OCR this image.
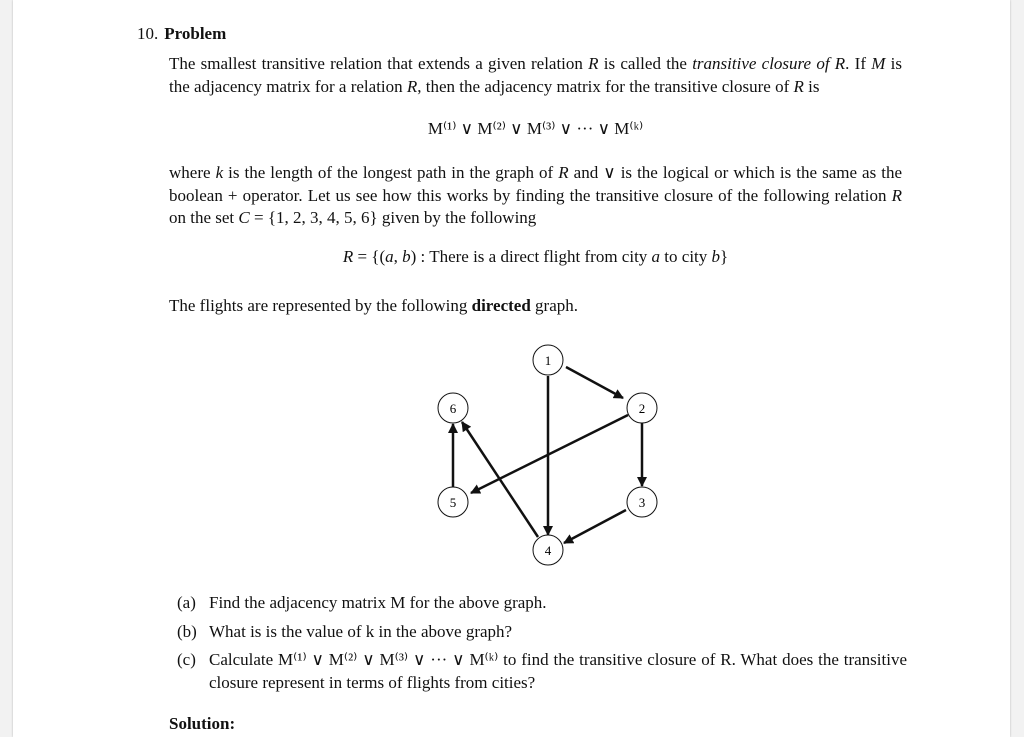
10. Problem
The smallest transitive relation that extends a given relation R is called the transitive closure of R. If M is the adjacency matrix for a relation R, then the adjacency matrix for the transitive closure of R is
M⁽¹⁾ ∨ M⁽²⁾ ∨ M⁽³⁾ ∨ ··· ∨ M⁽ᵏ⁾
where k is the length of the longest path in the graph of R and ∨ is the logical or which is the same as the boolean + operator. Let us see how this works by finding the transitive closure of the following relation R on the set C = {1, 2, 3, 4, 5, 6} given by the following
R = {(a, b) : There is a direct flight from city a to city b}
The flights are represented by the following directed graph.
1
2
3
4
5
6
(a) Find the adjacency matrix M for the above graph.
(b) What is is the value of k in the above graph?
(c) Calculate M⁽¹⁾ ∨ M⁽²⁾ ∨ M⁽³⁾ ∨ ··· ∨ M⁽ᵏ⁾ to find the transitive closure of R. What does the transitive closure represent in terms of flights from cities?
Solution:
